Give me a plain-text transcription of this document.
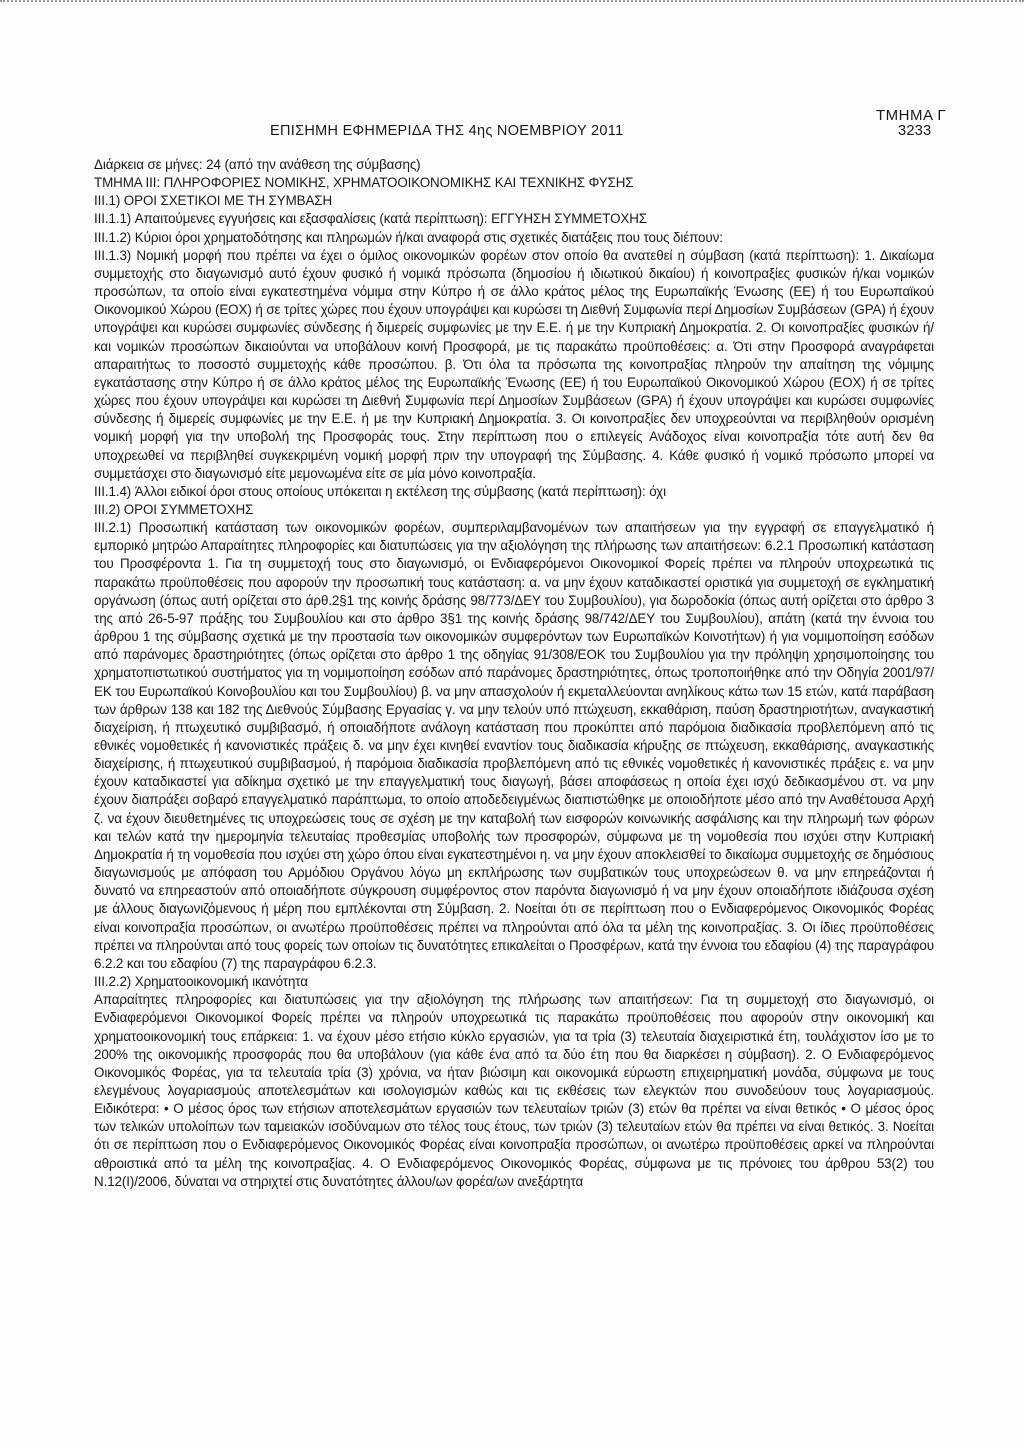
ΤΜΗΜΑ Γ
ΕΠΙΣΗΜΗ ΕΦΗΜΕΡΙΔΑ ΤΗΣ 4ης ΝΟΕΜΒΡΙΟΥ 2011	3233

Διάρκεια σε μήνες: 24 (από την ανάθεση της σύμβασης)

ΤΜΗΜΑ III: ΠΛΗΡΟΦΟΡΙΕΣ ΝΟΜΙΚΗΣ, ΧΡΗΜΑΤΟΟΙΚΟΝΟΜΙΚΗΣ ΚΑΙ ΤΕΧΝΙΚΗΣ ΦΥΣΗΣ

III.1) ΟΡΟΙ ΣΧΕΤΙΚΟΙ ΜΕ ΤΗ ΣΥΜΒΑΣΗ

III.1.1) Απαιτούμενες εγγυήσεις και εξασφαλίσεις (κατά περίπτωση): ΕΓΓΥΗΣΗ ΣΥΜΜΕΤΟΧΗΣ

III.1.2) Κύριοι όροι χρηματοδότησης και πληρωμών ή/και αναφορά στις σχετικές διατάξεις που τους διέπουν:

III.1.3) Νομική μορφή που πρέπει να έχει ο όμιλος οικονομικών φορέων στον οποίο θα ανατεθεί η σύμβαση (κατά περίπτωση): 1. Δικαίωμα συμμετοχής στο διαγωνισμό αυτό έχουν φυσικό ή νομικά πρόσωπα (δημοσίου ή ιδιωτικού δικαίου) ή κοινοπραξίες φυσικών ή/και νομικών προσώπων, τα οποίο είναι εγκατεστημένα νόμιμα στην Κύπρο ή σε άλλο κράτος μέλος της Ευρωπαϊκής Ένωσης (ΕΕ) ή του Ευρωπαϊκού Οικονομικού Χώρου (ΕΟΧ) ή σε τρίτες χώρες που έχουν υπογράψει και κυρώσει τη Διεθνή Συμφωνία περί Δημοσίων Συμβάσεων (GPA) ή έχουν υπογράψει και κυρώσει συμφωνίες σύνδεσης ή διμερείς συμφωνίες με την Ε.Ε. ή με την Κυπριακή Δημοκρατία. 2. Οι κοινοπραξίες φυσικών ή/και νομικών προσώπων δικαιούνται να υποβάλουν κοινή Προσφορά, με τις παρακάτω προϋποθέσεις: α. Ότι στην Προσφορά αναγράφεται απαραιτήτως το ποσοστό συμμετοχής κάθε προσώπου. β. Ότι όλα τα πρόσωπα της κοινοπραξίας πληρούν την απαίτηση της νόμιμης εγκατάστασης στην Κύπρο ή σε άλλο κράτος μέλος της Ευρωπαϊκής Ένωσης (ΕΕ) ή του Ευρωπαϊκού Οικονομικού Χώρου (ΕΟΧ) ή σε τρίτες χώρες που έχουν υπογράψει και κυρώσει τη Διεθνή Συμφωνία περί Δημοσίων Συμβάσεων (GPA) ή έχουν υπογράψει και κυρώσει συμφωνίες σύνδεσης ή διμερείς συμφωνίες με την Ε.Ε. ή με την Κυπριακή Δημοκρατία. 3. Οι κοινοπραξίες δεν υποχρεούνται να περιβληθούν ορισμένη νομική μορφή για την υποβολή της Προσφοράς τους. Στην περίπτωση που ο επιλεγείς Ανάδοχος είναι κοινοπραξία τότε αυτή δεν θα υποχρεωθεί να περιβληθεί συγκεκριμένη νομική μορφή πριν την υπογραφή της Σύμβασης. 4. Κάθε φυσικό ή νομικό πρόσωπο μπορεί να συμμετάσχει στο διαγωνισμό είτε μεμονωμένα είτε σε μία μόνο κοινοπραξία.

III.1.4) Άλλοι ειδικοί όροι στους οποίους υπόκειται η εκτέλεση της σύμβασης (κατά περίπτωση): όχι

III.2) ΟΡΟΙ ΣΥΜΜΕΤΟΧΗΣ

III.2.1) Προσωπική κατάσταση των οικονομικών φορέων, συμπεριλαμβανομένων των απαιτήσεων για την εγγραφή σε επαγγελματικό ή εμπορικό μητρώο Απαραίτητες πληροφορίες και διατυπώσεις για την αξιολόγηση της πλήρωσης των απαιτήσεων: 6.2.1 Προσωπική κατάσταση του Προσφέροντα 1. Για τη συμμετοχή τους στο διαγωνισμό, οι Ενδιαφερόμενοι Οικονομικοί Φορείς πρέπει να πληρούν υποχρεωτικά τις παρακάτω προϋποθέσεις που αφορούν την προσωπική τους κατάσταση: α. να μην έχουν καταδικαστεί οριστικά για συμμετοχή σε εγκληματική οργάνωση (όπως αυτή ορίζεται στο άρθ.2§1 της κοινής δράσης 98/773/ΔΕΥ του Συμβουλίου), για δωροδοκία (όπως αυτή ορίζεται στο άρθρο 3 της από 26-5-97 πράξης του Συμβουλίου και στο άρθρο 3§1 της κοινής δράσης 98/742/ΔΕΥ του Συμβουλίου), απάτη (κατά την έννοια του άρθρου 1 της σύμβασης σχετικά με την προστασία των οικονομικών συμφερόντων των Ευρωπαϊκών Κοινοτήτων) ή για νομιμοποίηση εσόδων από παράνομες δραστηριότητες (όπως ορίζεται στο άρθρο 1 της οδηγίας 91/308/ΕΟΚ του Συμβουλίου για την πρόληψη χρησιμοποίησης του χρηματοπιστωτικού συστήματος για τη νομιμοποίηση εσόδων από παράνομες δραστηριότητες, όπως τροποποιήθηκε από την Οδηγία 2001/97/ΕΚ του Ευρωπαϊκού Κοινοβουλίου και του Συμβουλίου) β. να μην απασχολούν ή εκμεταλλεύονται ανηλίκους κάτω των 15 ετών, κατά παράβαση των άρθρων 138 και 182 της Διεθνούς Σύμβασης Εργασίας γ. να μην τελούν υπό πτώχευση, εκκαθάριση, παύση δραστηριοτήτων, αναγκαστική διαχείριση, ή πτωχευτικό συμβιβασμό, ή οποιαδήποτε ανάλογη κατάσταση που προκύπτει από παρόμοια διαδικασία προβλεπόμενη από τις εθνικές νομοθετικές ή κανονιστικές πράξεις δ. να μην έχει κινηθεί εναντίον τους διαδικασία κήρυξης σε πτώχευση, εκκαθάρισης, αναγκαστικής διαχείρισης, ή πτωχευτικού συμβιβασμού, ή παρόμοια διαδικασία προβλεπόμενη από τις εθνικές νομοθετικές ή κανονιστικές πράξεις ε. να μην έχουν καταδικαστεί για αδίκημα σχετικό με την επαγγελματική τους διαγωγή, βάσει αποφάσεως η οποία έχει ισχύ δεδικασμένου στ. να μην έχουν διαπράξει σοβαρό επαγγελματικό παράπτωμα, το οποίο αποδεδειγμένως διαπιστώθηκε με οποιοδήποτε μέσο από την Αναθέτουσα Αρχή ζ. να έχουν διευθετημένες τις υποχρεώσεις τους σε σχέση με την καταβολή των εισφορών κοινωνικής ασφάλισης και την πληρωμή των φόρων και τελών κατά την ημερομηνία τελευταίας προθεσμίας υποβολής των προσφορών, σύμφωνα με τη νομοθεσία που ισχύει στην Κυπριακή Δημοκρατία ή τη νομοθεσία που ισχύει στη χώρο όπου είναι εγκατεστημένοι η. να μην έχουν αποκλεισθεί το δικαίωμα συμμετοχής σε δημόσιους διαγωνισμούς με απόφαση του Αρμόδιου Οργάνου λόγω μη εκπλήρωσης των συμβατικών τους υποχρεώσεων θ. να μην επηρεάζονται ή δυνατό να επηρεαστούν από οποιαδήποτε σύγκρουση συμφέροντος στον παρόντα διαγωνισμό ή να μην έχουν οποιαδήποτε ιδιάζουσα σχέση με άλλους διαγωνιζόμενους ή μέρη που εμπλέκονται στη Σύμβαση. 2. Νοείται ότι σε περίπτωση που ο Ενδιαφερόμενος Οικονομικός Φορέας είναι κοινοπραξία προσώπων, οι ανωτέρω προϋποθέσεις πρέπει να πληρούνται από όλα τα μέλη της κοινοπραξίας. 3. Οι ίδιες προϋποθέσεις πρέπει να πληρούνται από τους φορείς των οποίων τις δυνατότητες επικαλείται ο Προσφέρων, κατά την έννοια του εδαφίου (4) της παραγράφου 6.2.2 και του εδαφίου (7) της παραγράφου 6.2.3.

III.2.2) Χρηματοοικονομική ικανότητα

Απαραίτητες πληροφορίες και διατυπώσεις για την αξιολόγηση της πλήρωσης των απαιτήσεων: Για τη συμμετοχή στο διαγωνισμό, οι Ενδιαφερόμενοι Οικονομικοί Φορείς πρέπει να πληρούν υποχρεωτικά τις παρακάτω προϋποθέσεις που αφορούν στην οικονομική και χρηματοοικονομική τους επάρκεια: 1. να έχουν μέσο ετήσιο κύκλο εργασιών, για τα τρία (3) τελευταία διαχειριστικά έτη, τουλάχιστον ίσο με το 200% της οικονομικής προσφοράς που θα υποβάλουν (για κάθε ένα από τα δύο έτη που θα διαρκέσει η σύμβαση). 2. Ο Ενδιαφερόμενος Οικονομικός Φορέας, για τα τελευταία τρία (3) χρόνια, να ήταν βιώσιμη και οικονομικά εύρωστη επιχειρηματική μονάδα, σύμφωνα με τους ελεγμένους λογαριασμούς αποτελεσμάτων και ισολογισμών καθώς και τις εκθέσεις των ελεγκτών που συνοδεύουν τους λογαριασμούς. Ειδικότερα: • Ο μέσος όρος των ετήσιων αποτελεσμάτων εργασιών των τελευταίων τριών (3) ετών θα πρέπει να είναι θετικός • Ο μέσος όρος των τελικών υπολοίπων των ταμειακών ισοδύναμων στο τέλος τους έτους, των τριών (3) τελευταίων ετών θα πρέπει να είναι θετικός. 3. Νοείται ότι σε περίπτωση που ο Ενδιαφερόμενος Οικονομικός Φορέας είναι κοινοπραξία προσώπων, οι ανωτέρω προϋποθέσεις αρκεί να πληρούνται αθροιστικά από τα μέλη της κοινοπραξίας. 4. Ο Ενδιαφερόμενος Οικονομικός Φορέας, σύμφωνα με τις πρόνοιες του άρθρου 53(2) του Ν.12(Ι)/2006, δύναται να στηριχτεί στις δυνατότητες άλλου/ων φορέα/ων ανεξάρτητα
